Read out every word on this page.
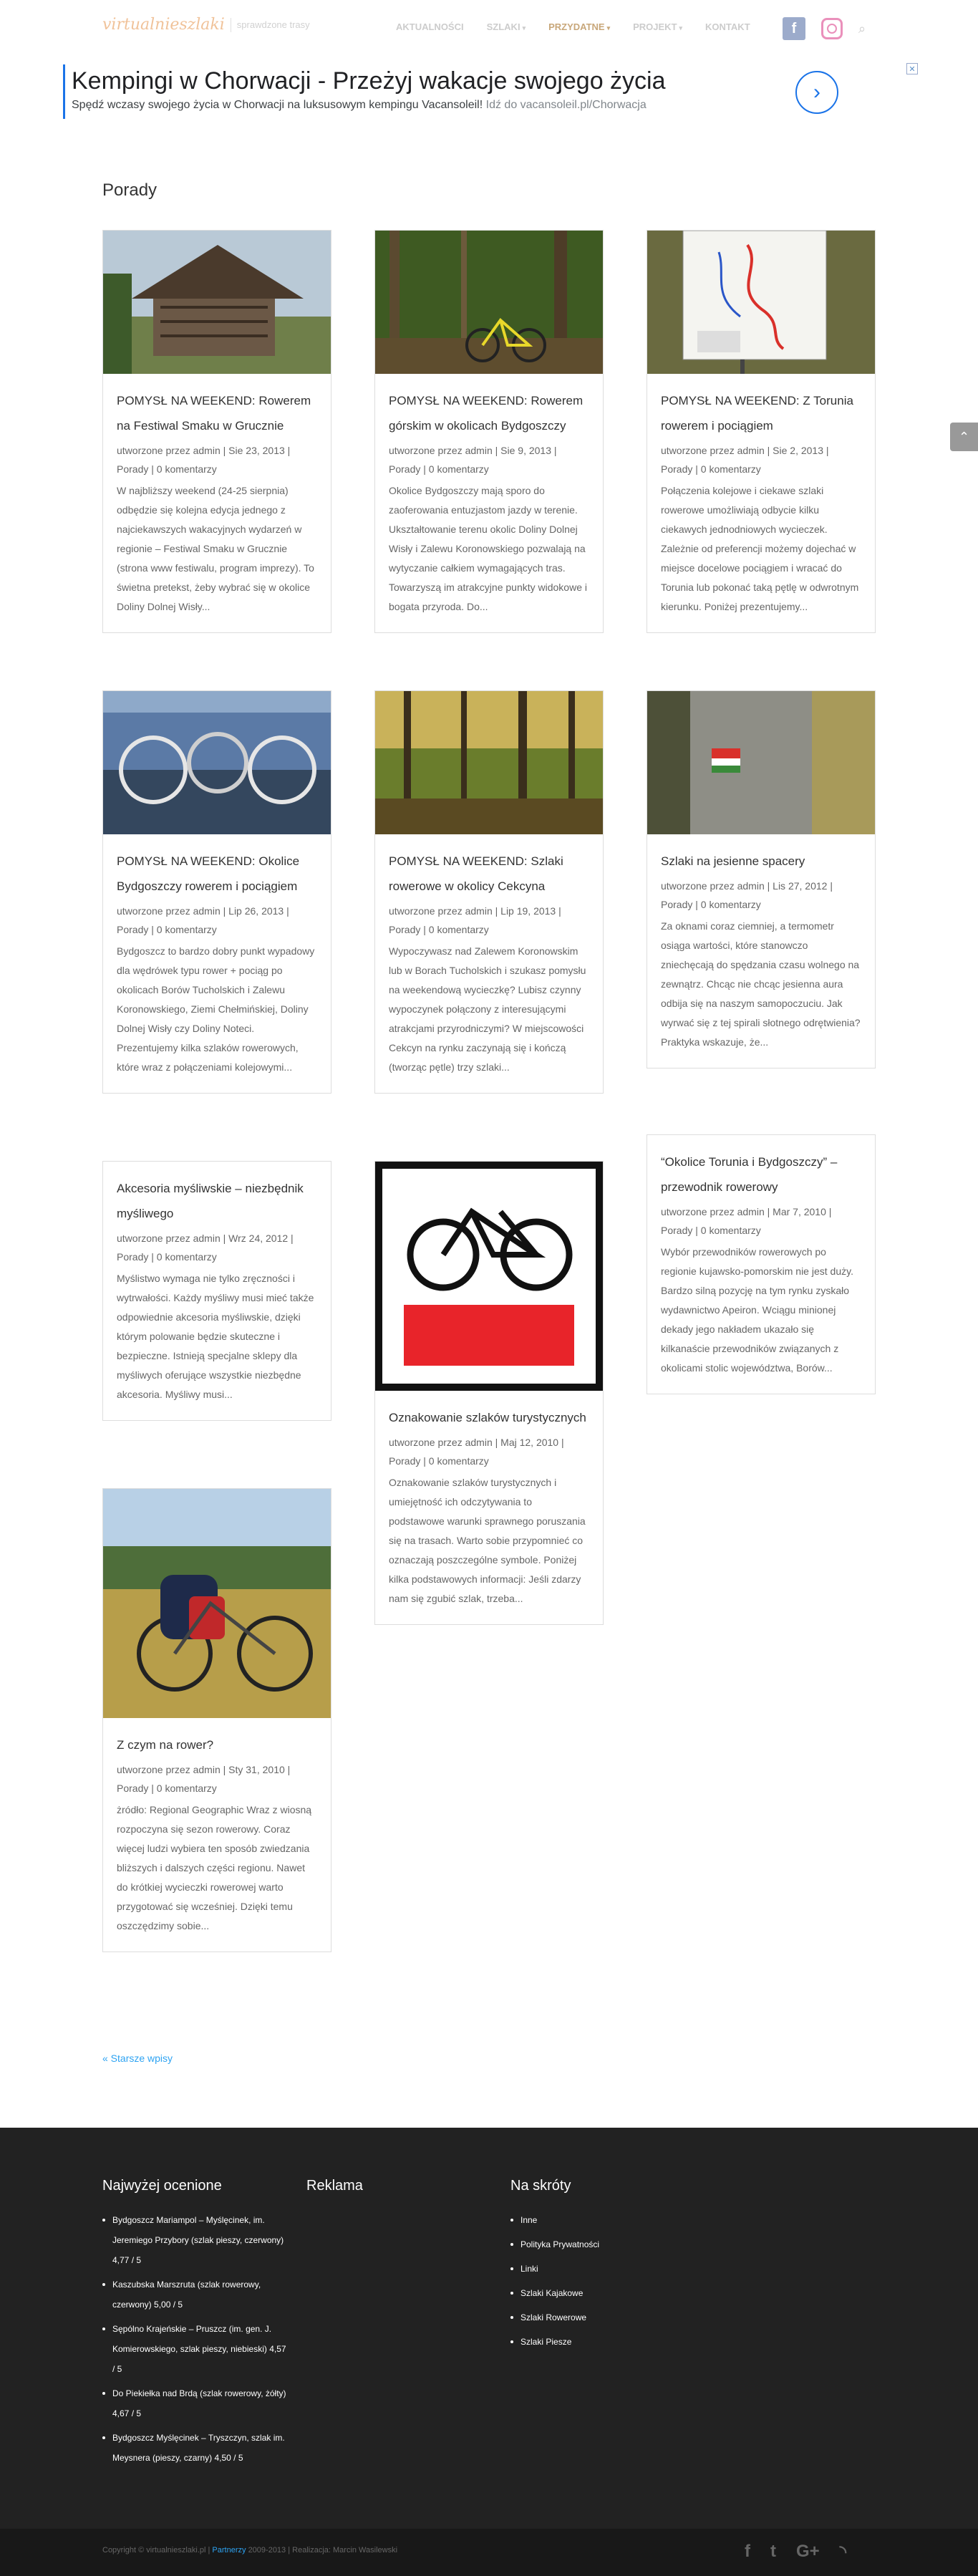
virtualnieszlaki sprawdzone trasy	AKTUALNOŚCI SZLAKI ▾ PRZYDATNE ▾ PROJEKT ▾ KONTAKT	f	⌕
Kempingi w Chorwacji - Przeżyj wakacje swojego życia
Spędź wczasy swojego życia w Chorwacji na luksusowym kempingu Vacansoleil! Idź do vacansoleil.pl/Chorwacja
›
✕
Porady
POMYSŁ NA WEEKEND: Rowerem na Festiwal Smaku w Grucznie
utworzone przez admin | Sie 23, 2013 | Porady | 0 komentarzy
W najbliższy weekend (24-25 sierpnia) odbędzie się kolejna edycja jednego z najciekawszych wakacyjnych wydarzeń w regionie – Festiwal Smaku w Grucznie (strona www festiwalu, program imprezy). To świetna pretekst, żeby wybrać się w okolice Doliny Dolnej Wisły...
POMYSŁ NA WEEKEND: Rowerem górskim w okolicach Bydgoszczy
utworzone przez admin | Sie 9, 2013 | Porady | 0 komentarzy
Okolice Bydgoszczy mają sporo do zaoferowania entuzjastom jazdy w terenie. Ukształtowanie terenu okolic Doliny Dolnej Wisły i Zalewu Koronowskiego pozwalają na wytyczanie całkiem wymagających tras. Towarzyszą im atrakcyjne punkty widokowe i bogata przyroda. Do...
POMYSŁ NA WEEKEND: Z Torunia rowerem i pociągiem
utworzone przez admin | Sie 2, 2013 | Porady | 0 komentarzy
Połączenia kolejowe i ciekawe szlaki rowerowe umożliwiają odbycie kilku ciekawych jednodniowych wycieczek. Zależnie od preferencji możemy dojechać w miejsce docelowe pociągiem i wracać do Torunia lub pokonać taką pętlę w odwrotnym kierunku. Poniżej prezentujemy...
POMYSŁ NA WEEKEND: Okolice Bydgoszczy rowerem i pociągiem
utworzone przez admin | Lip 26, 2013 | Porady | 0 komentarzy
Bydgoszcz to bardzo dobry punkt wypadowy dla wędrówek typu rower + pociąg po okolicach Borów Tucholskich i Zalewu Koronowskiego, Ziemi Chełmińskiej, Doliny Dolnej Wisły czy Doliny Noteci. Prezentujemy kilka szlaków rowerowych, które wraz z połączeniami kolejowymi...
POMYSŁ NA WEEKEND: Szlaki rowerowe w okolicy Cekcyna
utworzone przez admin | Lip 19, 2013 | Porady | 0 komentarzy
Wypoczywasz nad Zalewem Koronowskim lub w Borach Tucholskich i szukasz pomysłu na weekendową wycieczkę? Lubisz czynny wypoczynek połączony z interesującymi atrakcjami przyrodniczymi? W miejscowości Cekcyn na rynku zaczynają się i kończą (tworząc pętle) trzy szlaki...
Szlaki na jesienne spacery
utworzone przez admin | Lis 27, 2012 | Porady | 0 komentarzy
Za oknami coraz ciemniej, a termometr osiąga wartości, które stanowczo zniechęcają do spędzania czasu wolnego na zewnątrz. Chcąc nie chcąc jesienna aura odbija się na naszym samopoczuciu. Jak wyrwać się z tej spirali słotnego odrętwienia? Praktyka wskazuje, że...
Akcesoria myśliwskie – niezbędnik myśliwego
utworzone przez admin | Wrz 24, 2012 | Porady | 0 komentarzy
Myślistwo wymaga nie tylko zręczności i wytrwałości. Każdy myśliwy musi mieć także odpowiednie akcesoria myśliwskie, dzięki którym polowanie będzie skuteczne i bezpieczne. Istnieją specjalne sklepy dla myśliwych oferujące wszystkie niezbędne akcesoria. Myśliwy musi...
Oznakowanie szlaków turystycznych
utworzone przez admin | Maj 12, 2010 | Porady | 0 komentarzy
Oznakowanie szlaków turystycznych i umiejętność ich odczytywania to podstawowe warunki sprawnego poruszania się na trasach. Warto sobie przypomnieć co oznaczają poszczególne symbole. Poniżej kilka podstawowych informacji: Jeśli zdarzy nam się zgubić szlak, trzeba...
“Okolice Torunia i Bydgoszczy” – przewodnik rowerowy
utworzone przez admin | Mar 7, 2010 | Porady | 0 komentarzy
Wybór przewodników rowerowych po regionie kujawsko-pomorskim nie jest duży. Bardzo silną pozycję na tym rynku zyskało wydawnictwo Apeiron. Wciągu minionej dekady jego nakładem ukazało się kilkanaście przewodników związanych z okolicami stolic województwa, Borów...
Z czym na rower?
utworzone przez admin | Sty 31, 2010 | Porady | 0 komentarzy
żródło: Regional Geographic Wraz z wiosną rozpoczyna się sezon rowerowy. Coraz więcej ludzi wybiera ten sposób zwiedzania bliższych i dalszych części regionu. Nawet do krótkiej wycieczki rowerowej warto przygotować się wcześniej. Dzięki temu oszczędzimy sobie...
« Starsze wpisy
⌃
Najwyżej ocenione
Bydgoszcz Mariampol – Myślęcinek, im. Jeremiego Przybory (szlak pieszy, czerwony) 4,77 / 5
Kaszubska Marszruta (szlak rowerowy, czerwony) 5,00 / 5
Sępólno Krajeńskie – Pruszcz (im. gen. J. Komierowskiego, szlak pieszy, niebieski) 4,57 / 5
Do Piekiełka nad Brdą (szlak rowerowy, żółty) 4,67 / 5
Bydgoszcz Myślęcinek – Tryszczyn, szlak im. Meysnera (pieszy, czarny) 4,50 / 5
Reklama	Na skróty
Inne
Polityka Prywatności
Linki
Szlaki Kajakowe
Szlaki Rowerowe
Szlaki Piesze
Copyright © virtualnieszlaki.pl | Partnerzy 2009-2013 | Realizacja: Marcin Wasilewski	f t G+ ◝
